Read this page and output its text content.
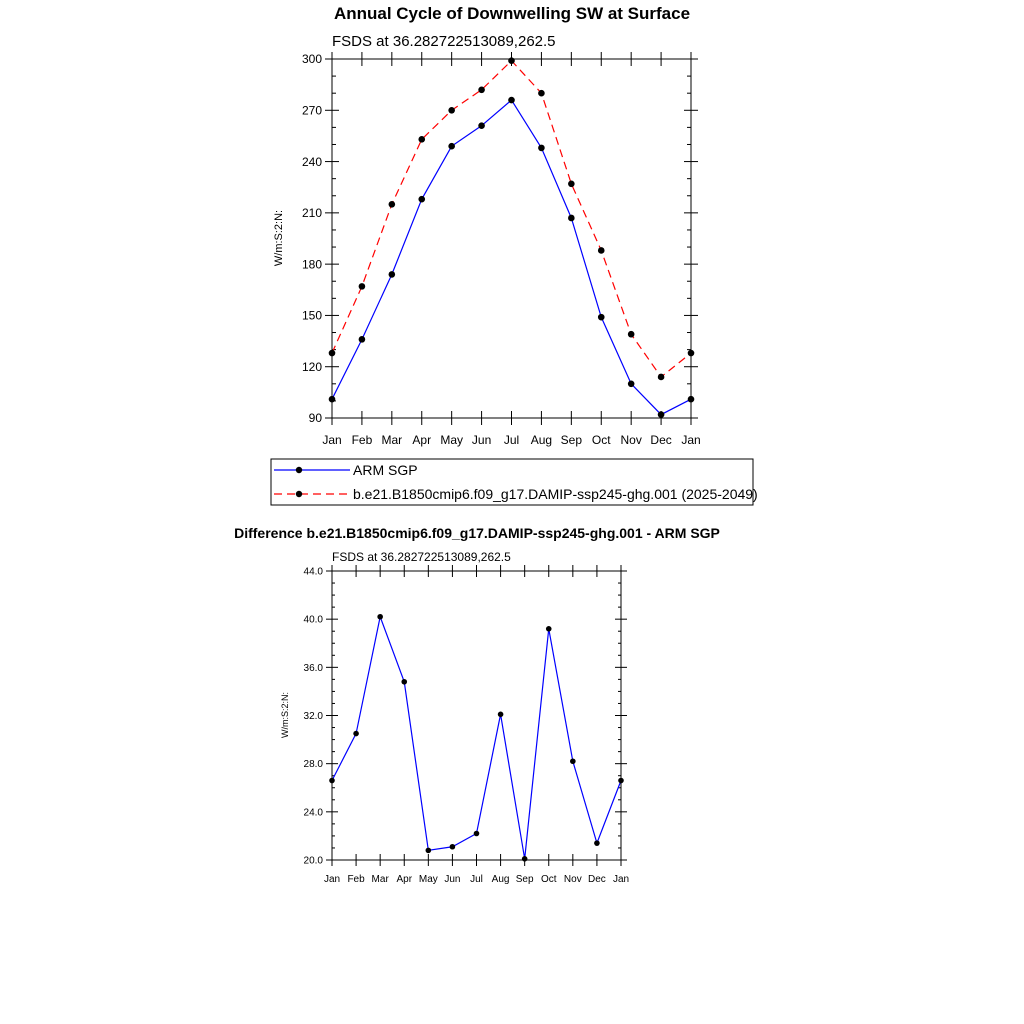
Annual Cycle of Downwelling SW at Surface
FSDS at 36.282722513089,262.5
W/m:S:2:N:
90
120
150
180
210
240
270
300
Jan Feb Mar Apr May Jun Jul Aug Sep Oct Nov Dec Jan
ARM SGP
b.e21.B1850cmip6.f09_g17.DAMIP-ssp245-ghg.001 (2025-2049)
Difference b.e21.B1850cmip6.f09_g17.DAMIP-ssp245-ghg.001 - ARM SGP
FSDS at 36.282722513089,262.5
W/m:S:2:N:
20.0
24.0
28.0
32.0
36.0
40.0
44.0
Jan Feb Mar Apr May Jun Jul Aug Sep Oct Nov Dec Jan
